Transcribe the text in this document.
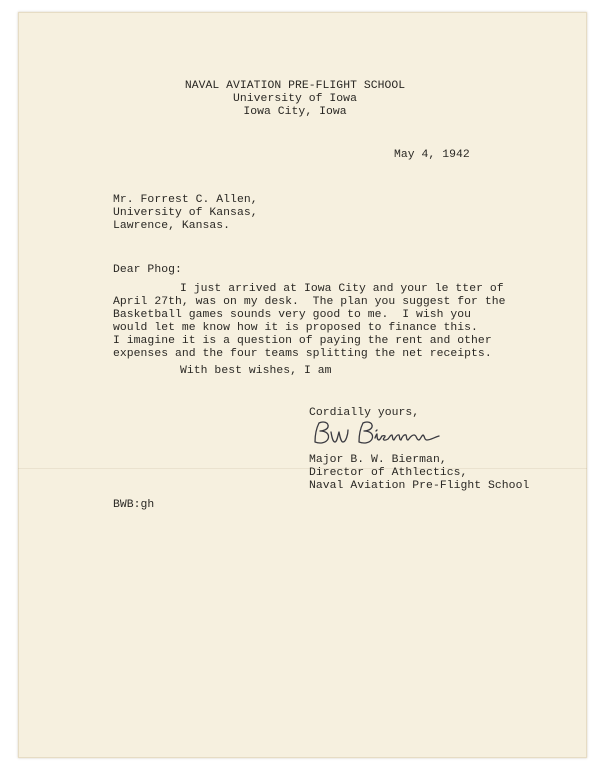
NAVAL AVIATION PRE-FLIGHT SCHOOL
University of Iowa
Iowa City, Iowa
May 4, 1942
Mr. Forrest C. Allen,
University of Kansas,
Lawrence, Kansas.
Dear Phog:
I just arrived at Iowa City and your le tter of
April 27th, was on my desk.  The plan you suggest for the
Basketball games sounds very good to me.  I wish you
would let me know how it is proposed to finance this.
I imagine it is a question of paying the rent and other
expenses and the four teams splitting the net receipts.
With best wishes, I am
Cordially yours,
Major B. W. Bierman,
Director of Athlectics,
Naval Aviation Pre-Flight School
BWB:gh
